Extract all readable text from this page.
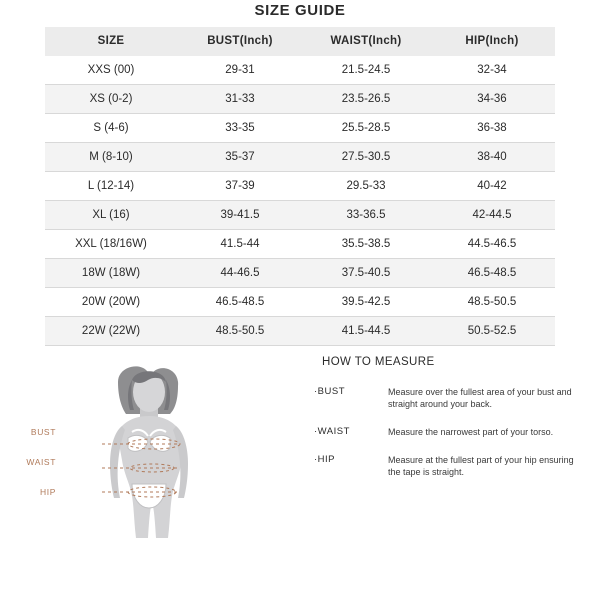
SIZE GUIDE
SIZE	BUST(Inch)	WAIST(Inch)	HIP(Inch)
XXS (00)	29-31	21.5-24.5	32-34
XS (0-2)	31-33	23.5-26.5	34-36
S (4-6)	33-35	25.5-28.5	36-38
M (8-10)	35-37	27.5-30.5	38-40
L (12-14)	37-39	29.5-33	40-42
XL (16)	39-41.5	33-36.5	42-44.5
XXL (18/16W)	41.5-44	35.5-38.5	44.5-46.5
18W (18W)	44-46.5	37.5-40.5	46.5-48.5
20W (20W)	46.5-48.5	39.5-42.5	48.5-50.5
22W (22W)	48.5-50.5	41.5-44.5	50.5-52.5
BUST
WAIST
HIP
HOW TO MEASURE
·BUST	Measure over the fullest area of your bust and straight around your back.
·WAIST	Measure the narrowest part of your torso.
·HIP	Measure at the fullest part of your hip ensuring the tape is straight.
